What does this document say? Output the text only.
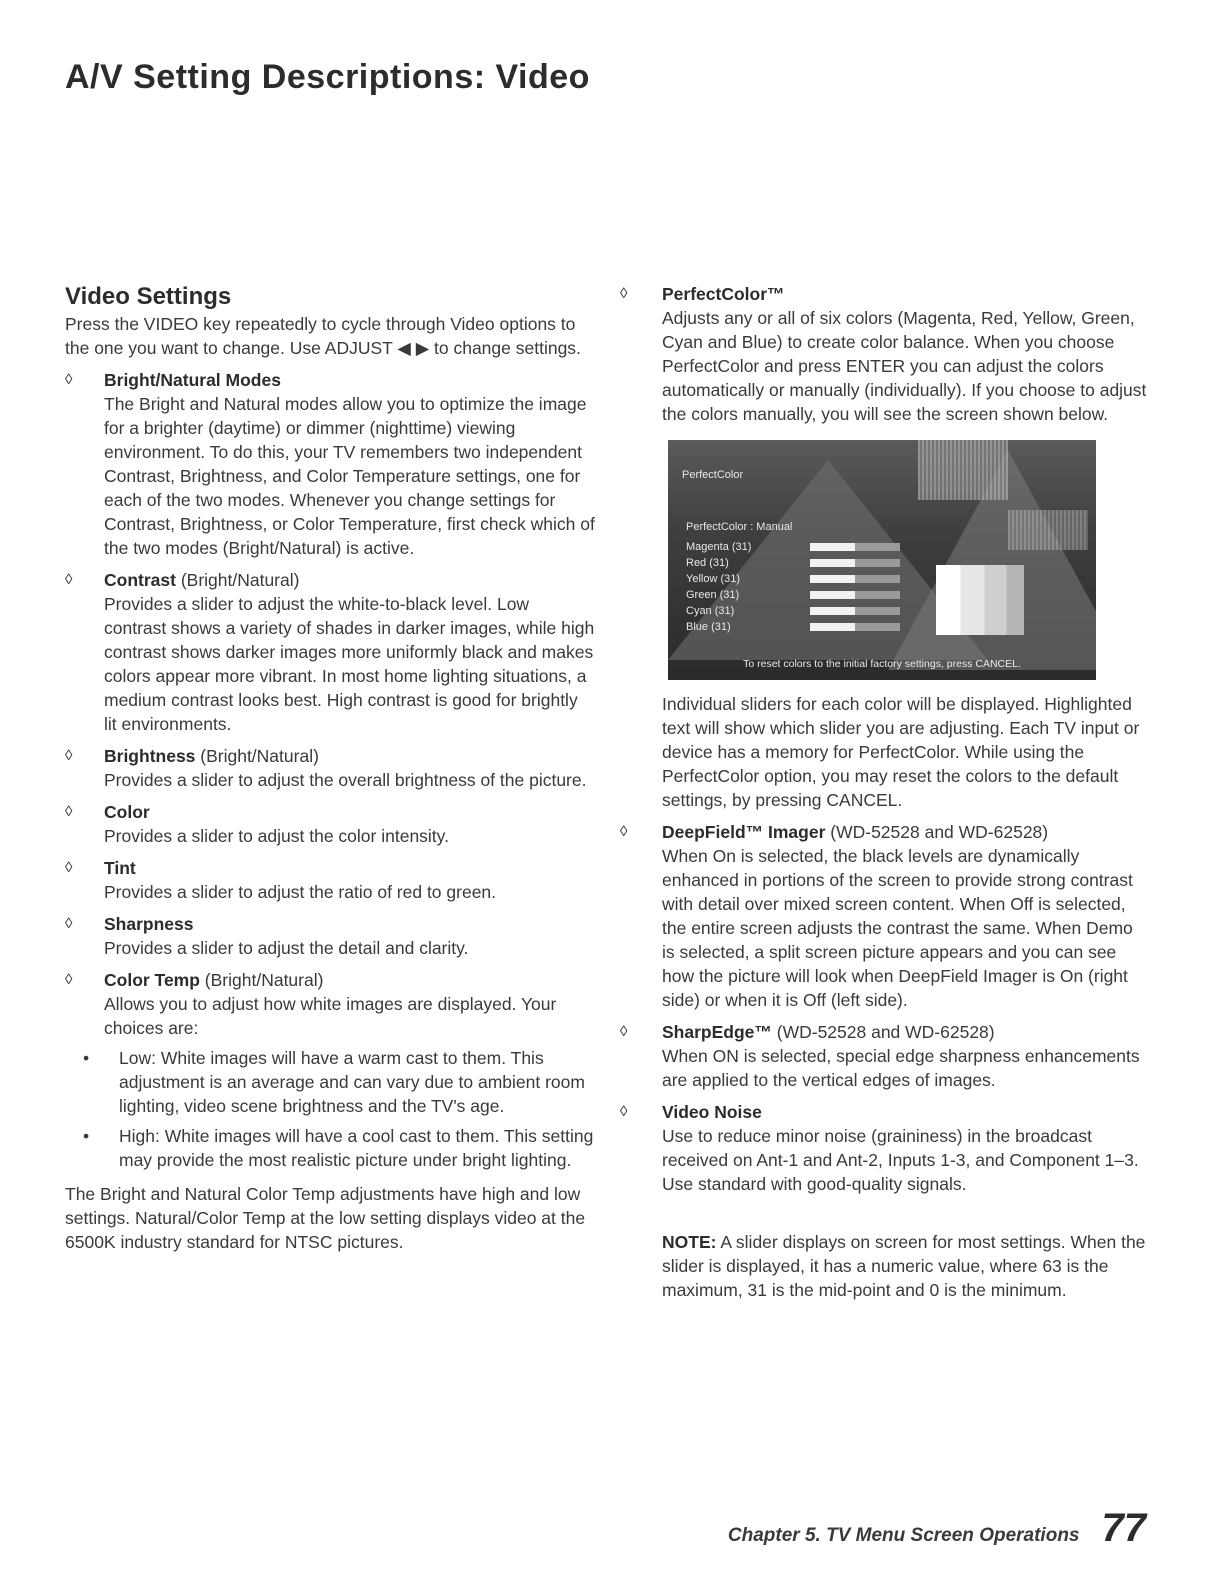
A/V Setting Descriptions: Video
Video Settings

Press the VIDEO key repeatedly to cycle through Video options to the one you want to change. Use ADJUST ◀ ▶ to change settings.

◊ Bright/Natural Modes

The Bright and Natural modes allow you to optimize the image for a brighter (daytime) or dimmer (nighttime) viewing environment. To do this, your TV remembers two independent Contrast, Brightness, and Color Temperature settings, one for each of the two modes. Whenever you change settings for Contrast, Brightness, or Color Temperature, first check which of the two modes (Bright/Natural) is active.

◊ Contrast (Bright/Natural)

Provides a slider to adjust the white-to-black level. Low contrast shows a variety of shades in darker images, while high contrast shows darker images more uniformly black and makes colors appear more vibrant. In most home lighting situations, a medium contrast looks best. High contrast is good for brightly lit environments.

◊ Brightness (Bright/Natural)

Provides a slider to adjust the overall brightness of the picture.

◊ Color

Provides a slider to adjust the color intensity.

◊ Tint

Provides a slider to adjust the ratio of red to green.

◊ Sharpness

Provides a slider to adjust the detail and clarity.

◊ Color Temp (Bright/Natural)

Allows you to adjust how white images are displayed. Your choices are:

• Low: White images will have a warm cast to them. This adjustment is an average and can vary due to ambient room lighting, video scene brightness and the TV's age.
• High: White images will have a cool cast to them. This setting may provide the most realistic picture under bright lighting.

The Bright and Natural Color Temp adjustments have high and low settings. Natural/Color Temp at the low setting displays video at the 6500K industry standard for NTSC pictures.

◊ PerfectColor™

Adjusts any or all of six colors (Magenta, Red, Yellow, Green, Cyan and Blue) to create color balance. When you choose PerfectColor and press ENTER you can adjust the colors automatically or manually (individually). If you choose to adjust the colors manually, you will see the screen shown below.

PerfectColor
PerfectColor : Manual
Magenta (31)
Red (31)
Yellow (31)
Green (31)
Cyan (31)
Blue (31)
To reset colors to the initial factory settings, press CANCEL.

Individual sliders for each color will be displayed. Highlighted text will show which slider you are adjusting. Each TV input or device has a memory for PerfectColor. While using the PerfectColor option, you may reset the colors to the default settings, by pressing CANCEL.

◊ DeepField™ Imager (WD-52528 and WD-62528)

When On is selected, the black levels are dynamically enhanced in portions of the screen to provide strong contrast with detail over mixed screen content. When Off is selected, the entire screen adjusts the contrast the same. When Demo is selected, a split screen picture appears and you can see how the picture will look when DeepField Imager is On (right side) or when it is Off (left side).

◊ SharpEdge™ (WD-52528 and WD-62528)

When ON is selected, special edge sharpness enhancements are applied to the vertical edges of images.

◊ Video Noise

Use to reduce minor noise (graininess) in the broadcast received on Ant-1 and Ant-2, Inputs 1-3, and Component 1–3. Use standard with good-quality signals.

NOTE: A slider displays on screen for most settings. When the slider is displayed, it has a numeric value, where 63 is the maximum, 31 is the mid-point and 0 is the minimum.

Chapter 5. TV Menu Screen Operations 77
